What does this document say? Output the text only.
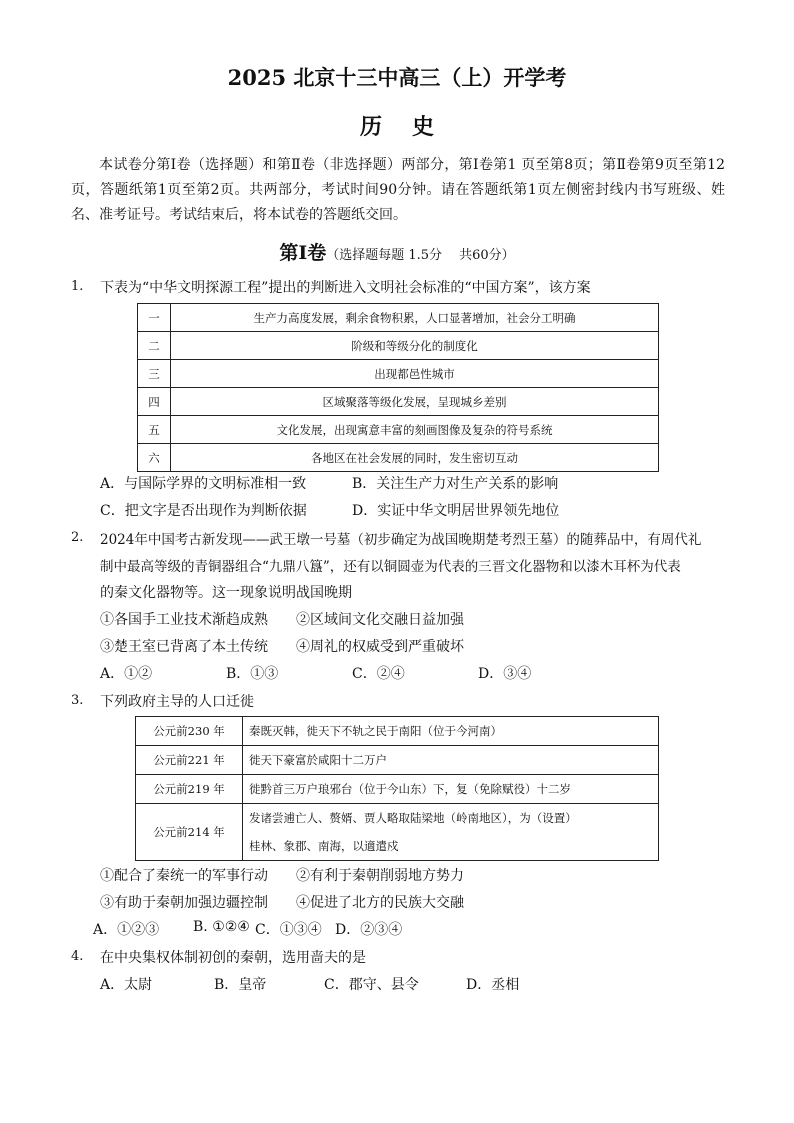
2025 北京十三中高三（上）开学考
历史
本试卷分第Ⅰ卷（选择题）和第Ⅱ卷（非选择题）两部分，第Ⅰ卷第1 页至第8页；第Ⅱ卷第9页至第12页，答题纸第1页至第2页。共两部分，考试时间90分钟。请在答题纸第1页左侧密封线内书写班级、姓名、准考证号。考试结束后，将本试卷的答题纸交回。
第Ⅰ卷（选择题每题 1.5分　 共60分）
1. 下表为“中华文明探源工程”提出的判断进入文明社会标准的“中国方案”，该方案
一	生产力高度发展，剩余食物积累，人口显著增加，社会分工明确
二	阶级和等级分化的制度化
三	出现都邑性城市
四	区域聚落等级化发展，呈现城乡差别
五	文化发展，出现寓意丰富的刻画图像及复杂的符号系统
六	各地区在社会发展的同时，发生密切互动
A．与国际学界的文明标准相一致	B．关注生产力对生产关系的影响
C．把文字是否出现作为判断依据	D．实证中华文明居世界领先地位
2. 2024年中国考古新发现——武王墩一号墓（初步确定为战国晚期楚考烈王墓）的随葬品中，有周代礼
制中最高等级的青铜器组合“九鼎八簋”，还有以铜圆壶为代表的三晋文化器物和以漆木耳杯为代表
的秦文化器物等。这一现象说明战国晚期
①各国手工业技术渐趋成熟 ②区域间文化交融日益加强
③楚王室已背离了本土传统 ④周礼的权威受到严重破坏
A．①②	B．①③	C．②④	D．③④
3. 下列政府主导的人口迁徙
公元前230 年	秦既灭韩，徙天下不轨之民于南阳（位于今河南）
公元前221 年	徙天下豪富於咸阳十二万户
公元前219 年	徙黔首三万户琅邪台（位于今山东）下，复（免除赋役）十二岁
公元前214 年	发诸尝逋亡人、赘婿、贾人略取陆梁地（岭南地区），为（设置）
桂林、象郡、南海，以適遣戍
①配合了秦统一的军事行动 ②有利于秦朝削弱地方势力
③有助于秦朝加强边疆控制 ④促进了北方的民族大交融
A．①②③ B. ①②④ C．①③④ D．②③④
4. 在中央集权体制初创的秦朝，选用啬夫的是
A．太尉	B．皇帝	C．郡守、县令	D．丞相
